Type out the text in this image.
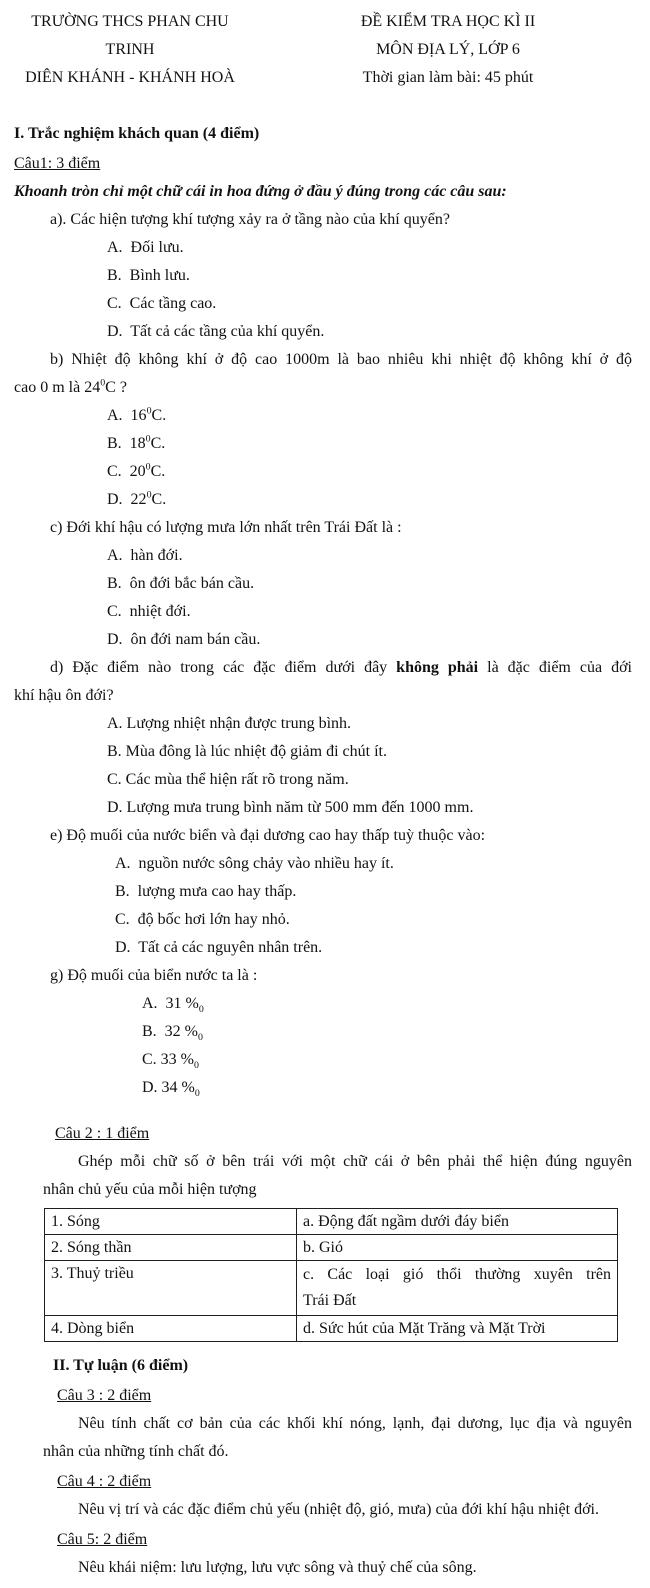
TRƯỜNG THCS PHAN CHU TRINH

DIÊN KHÁNH - KHÁNH HOÀ

ĐỀ KIỂM TRA HỌC KÌ II

MÔN ĐỊA LÝ, LỚP 6

Thời gian làm bài: 45 phút

I. Trắc nghiệm khách quan (4 điểm)

Câu1: 3 điểm

Khoanh tròn chỉ một chữ cái in hoa đứng ở đầu ý đúng trong các câu sau:

a). Các hiện tượng khí tượng xảy ra ở tầng nào của khí quyển?

A.  Đối lưu.

B.  Bình lưu.

C.  Các tầng cao.

D.  Tất cả các tầng của khí quyển.

b) Nhiệt độ không khí ở độ cao 1000m là bao nhiêu khi nhiệt độ không khí ở độ

cao 0 m là $24^0C$ ?

A.  $16^0C$.

B.  $18^0C$.

C.  $20^0C$.

D.  $22^0C$.

c) Đới khí hậu có lượng mưa lớn nhất trên Trái Đất là :

A.  hàn đới.

B.  ôn đới bắc bán cầu.

C.  nhiệt đới.

D.  ôn đới nam bán cầu.

d) Đặc điểm nào trong các đặc điểm dưới đây không phải là đặc điểm của đới

khí hậu ôn đới?

A. Lượng nhiệt nhận được trung bình.

B. Mùa đông là lúc nhiệt độ giảm đi chút ít.

C. Các mùa thể hiện rất rõ trong năm.

D. Lượng mưa trung bình năm từ 500 mm đến 1000 mm.

e) Độ muối của nước biển và đại dương cao hay thấp tuỳ thuộc vào:

A.  nguồn nước sông chảy vào nhiều hay ít.

B.  lượng mưa cao hay thấp.

C.  độ bốc hơi lớn hay nhỏ.

D.  Tất cả các nguyên nhân trên.

g) Độ muối của biển nước ta là :

A.  31 $\%_0$

B.  32 $\%_0$

C. 33 $\%_0$

D. 34 $\%_0$

Câu 2 : 1 điểm

Ghép mỗi chữ số ở bên trái với một chữ cái ở bên phải thể hiện đúng nguyên

nhân chủ yếu của mỗi hiện tượng

1. Sóng	a. Động đất ngầm dưới đáy biển
2. Sóng thần	b. Gió
3. Thuỷ triều	c. Các loại gió thổi thường xuyên trên
Trái Đất

4. Dòng biển	d. Sức hút của Mặt Trăng và Mặt Trời

II. Tự luận (6 điểm)

Câu 3 : 2 điểm

Nêu tính chất cơ bản của các khối khí nóng, lạnh, đại dương, lục địa và nguyên

nhân của những tính chất đó.

Câu 4 : 2 điểm

Nêu vị trí và các đặc điểm chủ yếu (nhiệt độ, gió, mưa) của đới khí hậu nhiệt đới.

Câu 5: 2 điểm

Nêu khái niệm: lưu lượng, lưu vực sông và thuỷ chế của sông.
